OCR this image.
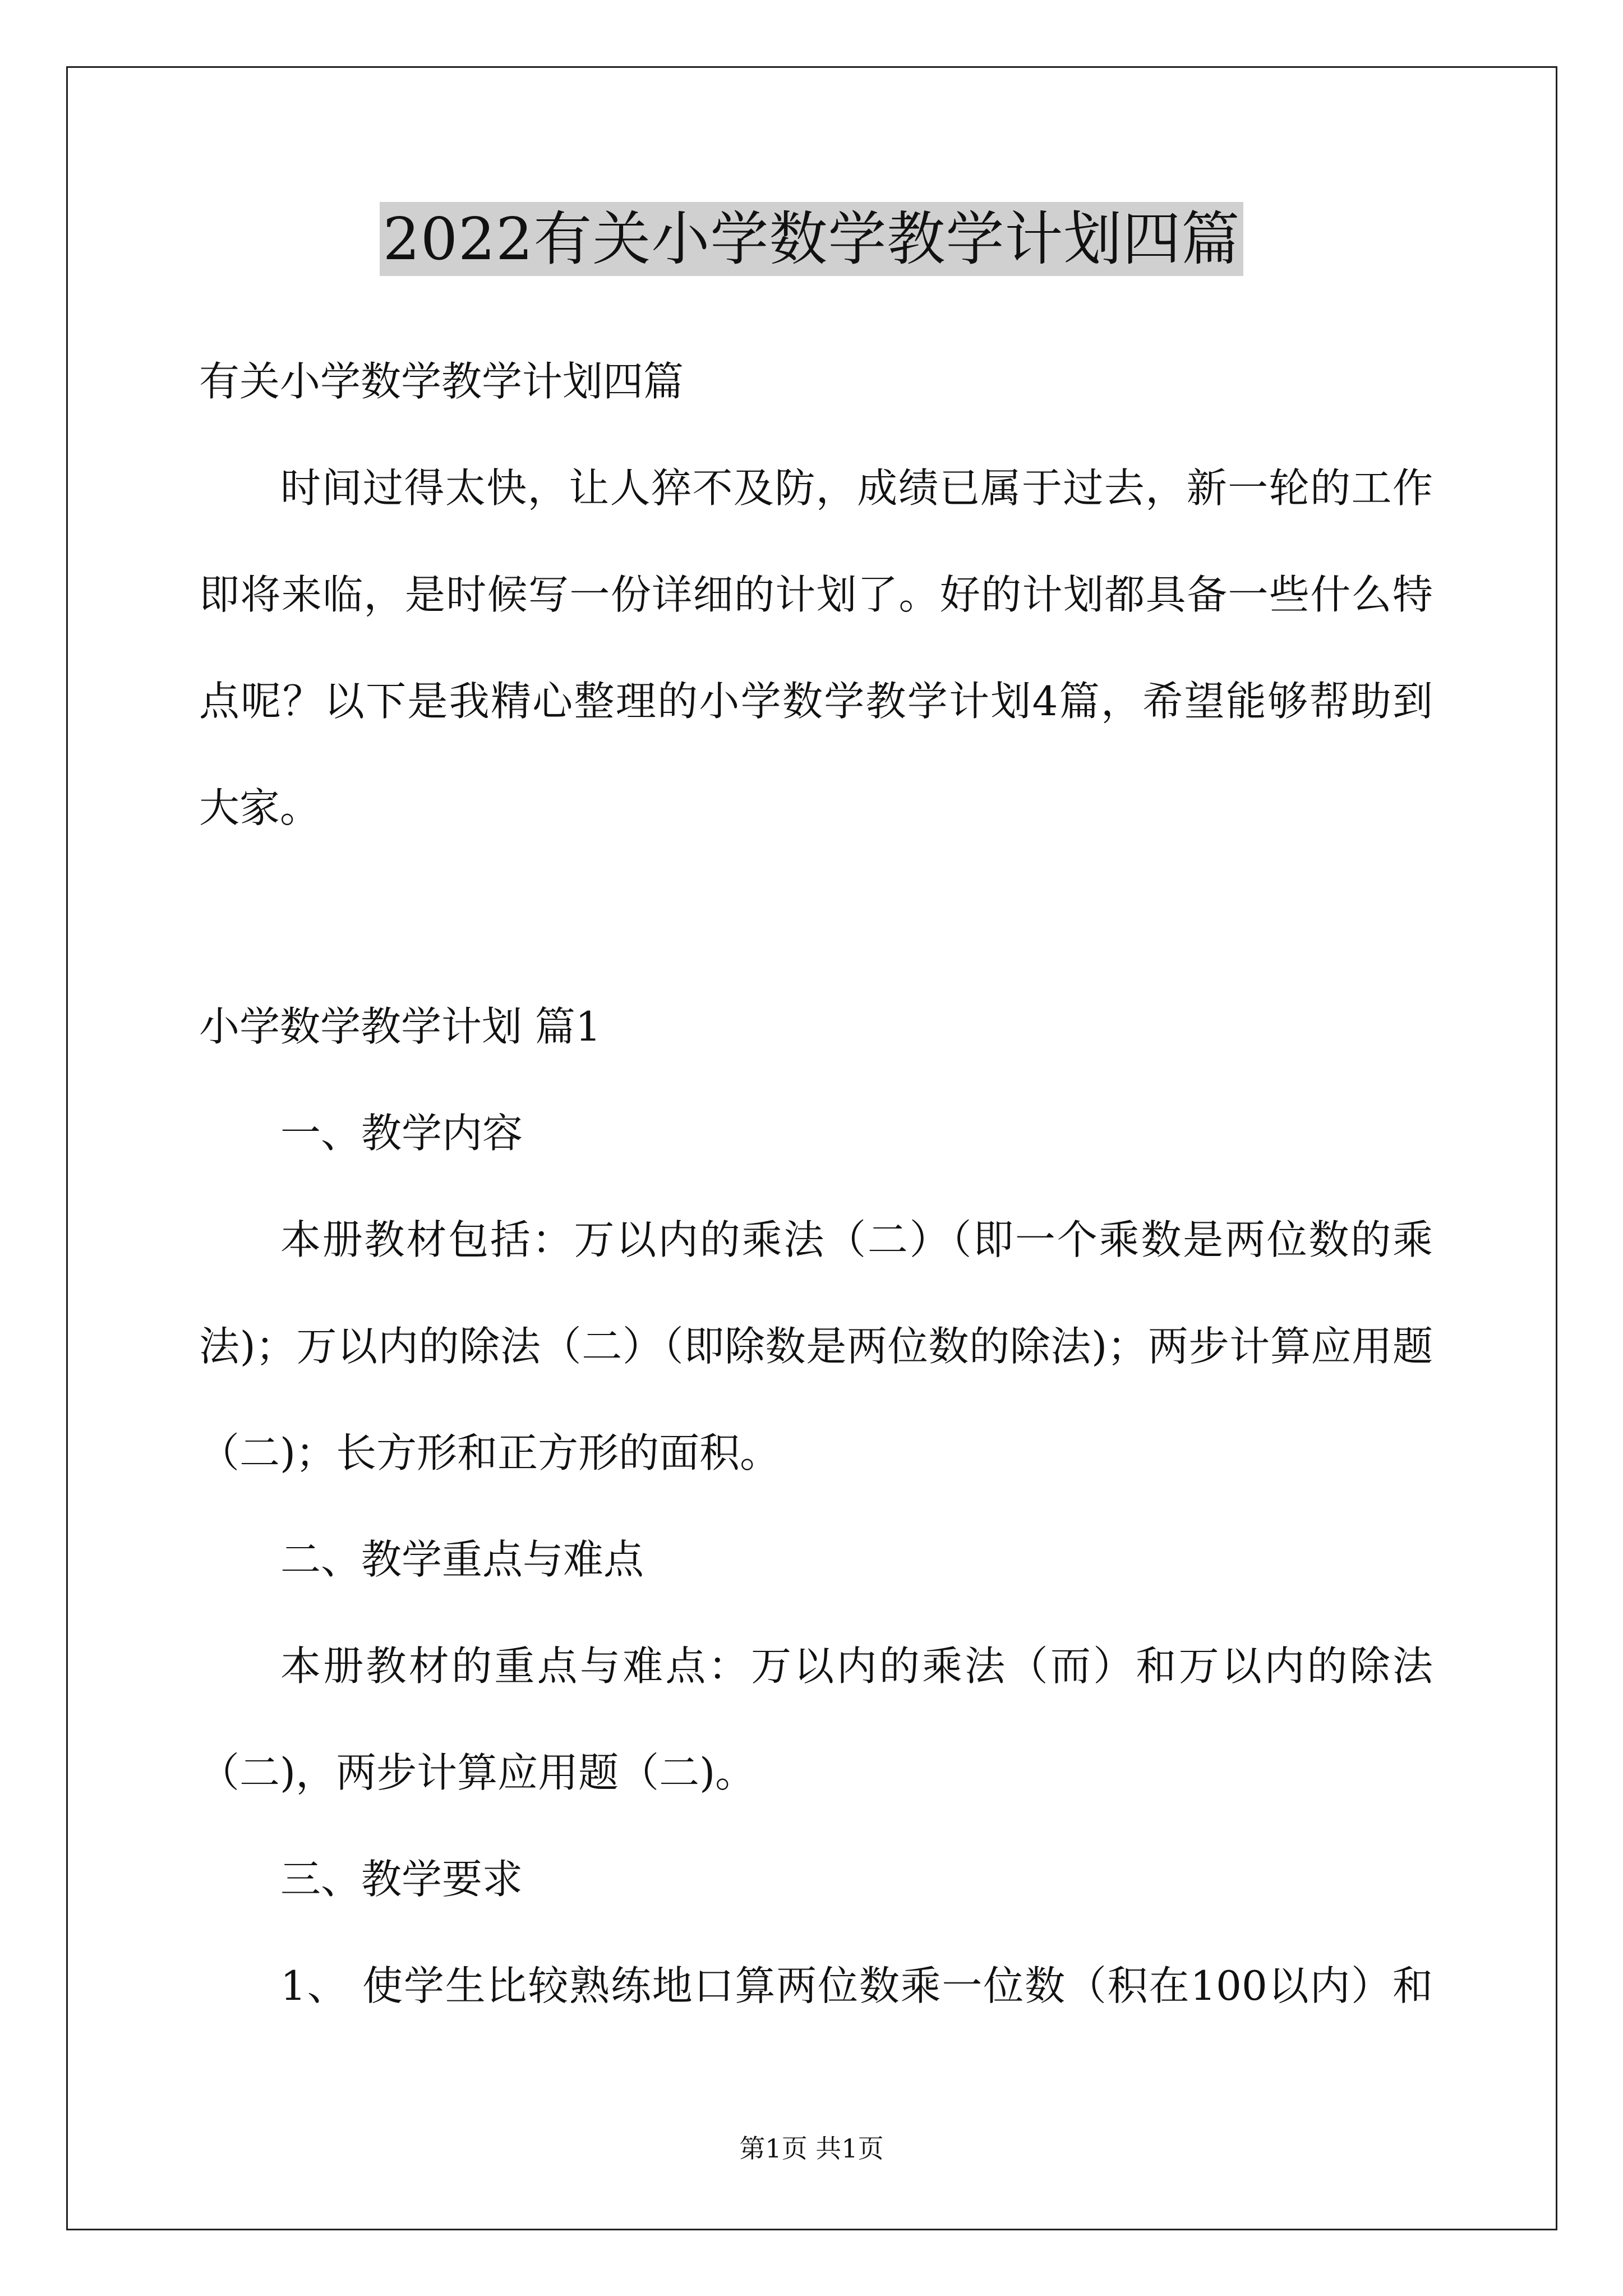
2022有关小学数学教学计划四篇
有关小学数学教学计划四篇
时间过得太快，让人猝不及防，成绩已属于过去，新一轮的工作
即将来临，是时候写一份详细的计划了。好的计划都具备一些什么特
点呢？以下是我精心整理的小学数学教学计划4篇，希望能够帮助到
大家。
小学数学教学计划 篇1
一、教学内容
本册教材包括：万以内的乘法（二）（即一个乘数是两位数的乘
法)；万以内的除法（二）（即除数是两位数的除法)；两步计算应用题
（二)；长方形和正方形的面积。
二、教学重点与难点
本册教材的重点与难点：万以内的乘法（而）和万以内的除法
（二)，两步计算应用题（二)。
三、教学要求
1、 使学生比较熟练地口算两位数乘一位数（积在100以内）和
第1页 共1页
